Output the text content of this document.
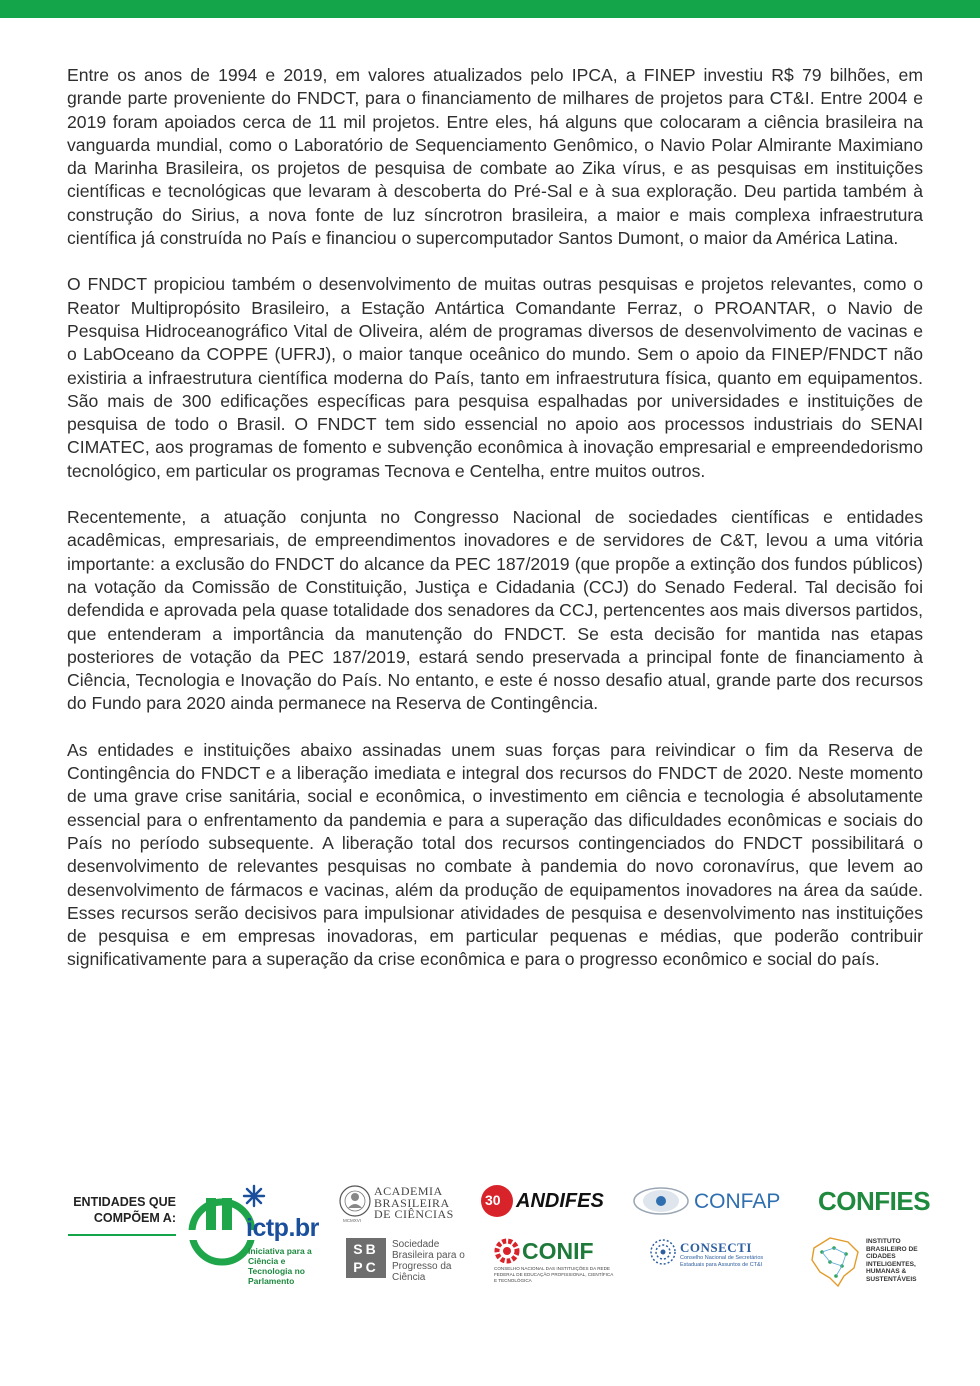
Entre os anos de 1994 e 2019, em valores atualizados pelo IPCA, a FINEP investiu R$ 79 bilhões, em grande parte proveniente do FNDCT, para o financiamento de milhares de projetos para CT&I. Entre 2004 e 2019 foram apoiados cerca de 11 mil projetos. Entre eles, há alguns que colocaram a ciência brasileira na vanguarda mundial, como o Laboratório de Sequenciamento Genômico, o Navio Polar Almirante Maximiano da Marinha Brasileira, os projetos de pesquisa de combate ao Zika vírus, e as pesquisas em instituições científicas e tecnológicas que levaram à descoberta do Pré-Sal e à sua exploração. Deu partida também à construção do Sirius, a nova fonte de luz síncrotron brasileira, a maior e mais complexa infraestrutura científica já construída no País e financiou o supercomputador Santos Dumont, o maior da América Latina.

O FNDCT propiciou também o desenvolvimento de muitas outras pesquisas e projetos relevantes, como o Reator Multipropósito Brasileiro, a Estação Antártica Comandante Ferraz, o PROANTAR, o Navio de Pesquisa Hidroceanográfico Vital de Oliveira, além de programas diversos de desenvolvimento de vacinas e o LabOceano da COPPE (UFRJ), o maior tanque oceânico do mundo. Sem o apoio da FINEP/FNDCT não existiria a infraestrutura científica moderna do País, tanto em infraestrutura física, quanto em equipamentos. São mais de 300 edificações específicas para pesquisa espalhadas por universidades e instituições de pesquisa de todo o Brasil. O FNDCT tem sido essencial no apoio aos processos industriais do SENAI CIMATEC, aos programas de fomento e subvenção econômica à inovação empresarial e empreendedorismo tecnológico, em particular os programas Tecnova e Centelha, entre muitos outros.

Recentemente, a atuação conjunta no Congresso Nacional de sociedades científicas e entidades acadêmicas, empresariais, de empreendimentos inovadores e de servidores de C&T, levou a uma vitória importante: a exclusão do FNDCT do alcance da PEC 187/2019 (que propõe a extinção dos fundos públicos) na votação da Comissão de Constituição, Justiça e Cidadania (CCJ) do Senado Federal. Tal decisão foi defendida e aprovada pela quase totalidade dos senadores da CCJ, pertencentes aos mais diversos partidos, que entenderam a importância da manutenção do FNDCT. Se esta decisão for mantida nas etapas posteriores de votação da PEC 187/2019, estará sendo preservada a principal fonte de financiamento à Ciência, Tecnologia e Inovação do País. No entanto, e este é nosso desafio atual, grande parte dos recursos do Fundo para 2020 ainda permanece na Reserva de Contingência.

As entidades e instituições abaixo assinadas unem suas forças para reivindicar o fim da Reserva de Contingência do FNDCT e a liberação imediata e integral dos recursos do FNDCT de 2020. Neste momento de uma grave crise sanitária, social e econômica, o investimento em ciência e tecnologia é absolutamente essencial para o enfrentamento da pandemia e para a superação das dificuldades econômicas e sociais do País no período subsequente. A liberação total dos recursos contingenciados do FNDCT possibilitará o desenvolvimento de relevantes pesquisas no combate à pandemia do novo coronavírus, que levem ao desenvolvimento de fármacos e vacinas, além da produção de equipamentos inovadores na área da saúde. Esses recursos serão decisivos para impulsionar atividades de pesquisa e desenvolvimento nas instituições de pesquisa e em empresas inovadoras, em particular pequenas e médias, que poderão contribuir significativamente para a superação da crise econômica e para o progresso econômico e social do país.

ENTIDADES QUE COMPÕEM A:	ictp.br
Iniciativa para a Ciência e Tecnologia no Parlamento
ACADEMIA BRASILEIRA DE CIÊNCIAS
MCMXVI
SB PC
Sociedade Brasileira para o Progresso da Ciência
30 ANDIFES
CONIF
CONSELHO NACIONAL DAS INSTITUIÇÕES DA REDE FEDERAL DE EDUCAÇÃO PROFISSIONAL, CIENTÍFICA E TECNOLÓGICA
CONFAP
CONSECTI
Conselho Nacional de Secretários Estaduais para Assuntos de CT&I
CONFIES
INSTITUTO BRASILEIRO DE CIDADES INTELIGENTES, HUMANAS & SUSTENTÁVEIS
